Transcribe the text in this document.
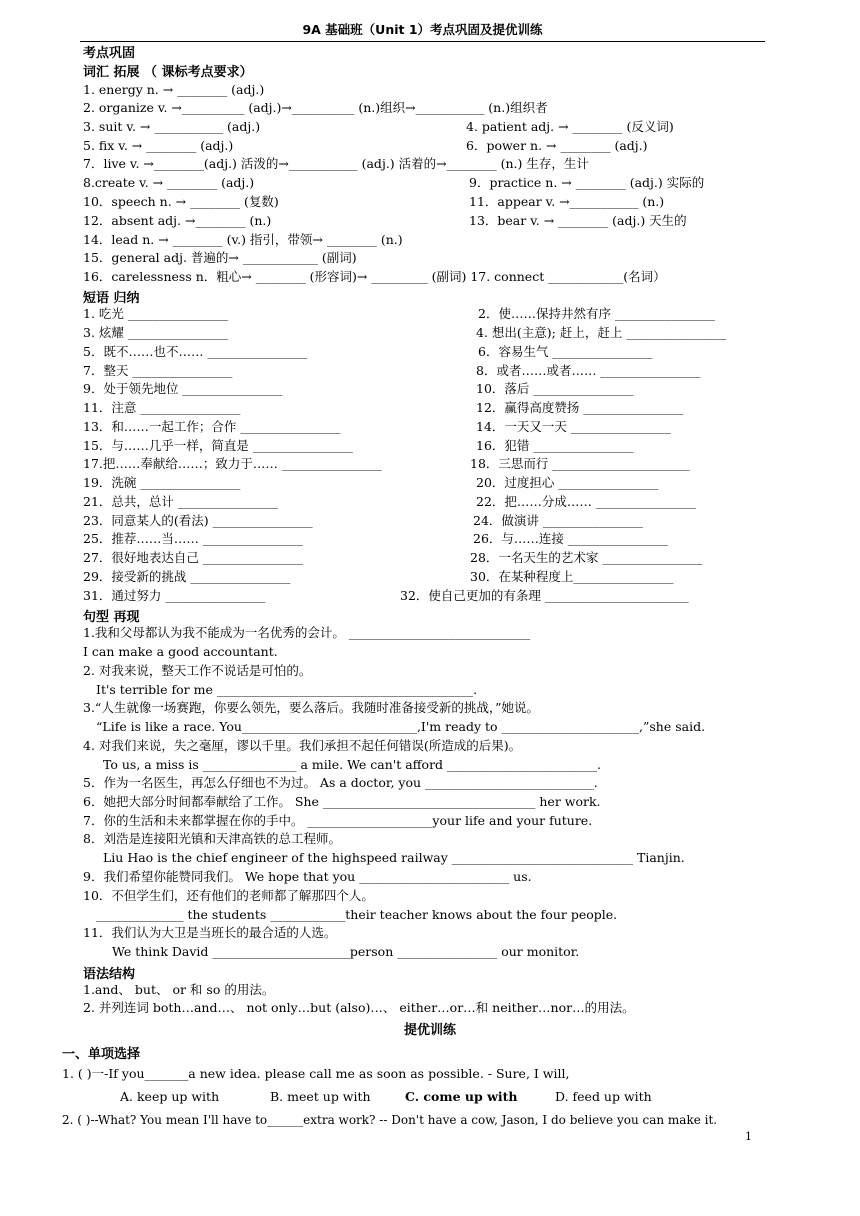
9A 基础班（Unit 1）考点巩固及提优训练
考点巩固
词汇 拓展 （ 课标考点要求）
1. energy n. → ________ (adj.)
2. organize v. →__________ (adj.)→__________ (n.)组织→___________ (n.)组织者
3. suit v. → ___________ (adj.)	4. patient adj. → ________ (反义词)
5. fix v. → ________ (adj.)	6．power n. → ________ (adj.)
7．live v. →________(adj.) 活泼的→___________ (adj.) 活着的→________ (n.) 生存，生计
8.create v. → ________ (adj.)	9．practice n. → ________ (adj.) 实际的
10．speech n. → ________ (复数)	11．appear v. →___________ (n.)
12．absent adj. →________ (n.)	13．bear v. → ________ (adj.) 天生的
14．lead n. → ________ (v.) 指引，带领→ ________ (n.)
15．general adj. 普遍的→ ____________ (副词)
16．carelessness n．粗心→ ________ (形容词)→ _________ (副词) 17. connect ____________(名词）
短语 归纳
1. 吃光 ________________	2．使……保持井然有序 ________________
3. 炫耀 ________________	4. 想出(主意); 赶上，赶上 ________________
5．既不……也不…… ________________	6．容易生气 ________________
7．整天 ________________	8．或者……或者…… ________________
9．处于领先地位 ________________	10．落后 ________________
11．注意 ________________	12．赢得高度赞扬 ________________
13．和……一起工作；合作 ________________	14．一天又一天 ________________
15．与……几乎一样，简直是 ________________	16．犯错 ________________
17.把……奉献给……；致力于…… ________________	18．三思而行 ______________________
19．洗碗 ________________	20．过度担心 ________________
21．总共，总计 ________________	22．把……分成…… ________________
23．同意某人的(看法) ________________	24．做演讲 ________________
25．推荐……当…… ________________	26．与……连接 ________________
27．很好地表达自己 ________________	28．一名天生的艺术家 ________________
29．接受新的挑战 ________________	30．在某种程度上________________
31．通过努力 ________________	32．使自己更加的有条理 _______________________
句型 再现
1.我和父母都认为我不能成为一名优秀的会计。 _____________________________
I can make a good accountant.
2. 对我来说，整天工作不说话是可怕的。
It's terrible for me _________________________________________.
3.“人生就像一场赛跑，你要么领先，要么落后。我随时准备接受新的挑战，”她说。
“Life is like a race. You____________________________,I'm ready to ______________________,”she said.
4. 对我们来说，失之毫厘，谬以千里。我们承担不起任何错误(所造成的后果)。
To us, a miss is _______________ a mile. We can't afford ________________________.
5．作为一名医生，再怎么仔细也不为过。 As a doctor, you ___________________________.
6．她把大部分时间都奉献给了工作。 She __________________________________ her work.
7．你的生活和未来都掌握在你的手中。 ____________________your life and your future.
8．刘浩是连接阳光镇和天津高铁的总工程师。
Liu Hao is the chief engineer of the highspeed railway _____________________________ Tianjin.
9．我们希望你能赞同我们。 We hope that you ________________________ us.
10．不但学生们，还有他们的老师都了解那四个人。
______________ the students ____________their teacher knows about the four people.
11．我们认为大卫是当班长的最合适的人选。
We think David ______________________person ________________ our monitor.
语法结构
1.and、 but、 or 和 so 的用法。
2. 并列连词 both…and…、 not only…but (also)…、 either…or…和 neither…nor…的用法。
提优训练
一、单项选择
1. ( )一-If you_______a new idea. please call me as soon as possible. - Sure, I will,
A. keep up with	B. meet up with	C. come up with	D. feed up with
2. ( )--What? You mean I'll have to______extra work? -- Don't have a cow, Jason, I do believe you can make it.
1
